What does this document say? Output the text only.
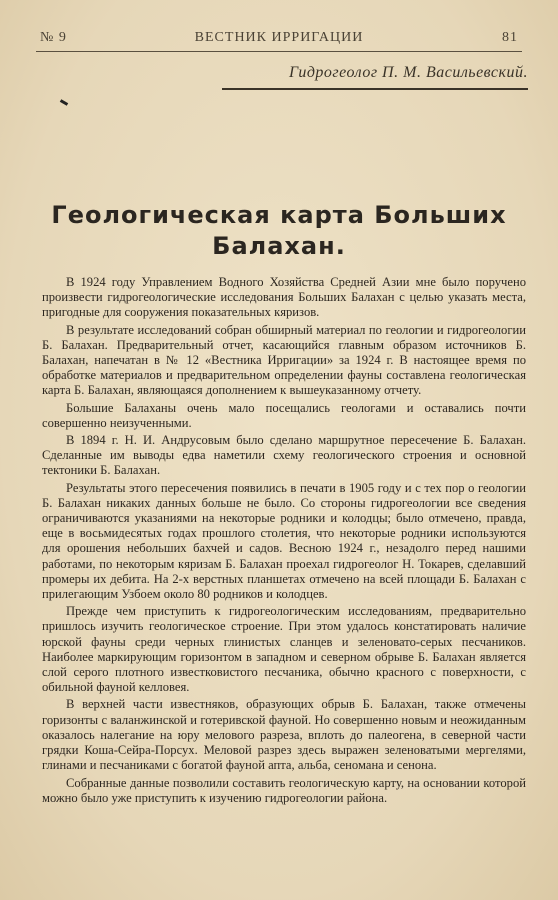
№ 9	ВЕСТНИК ИРРИГАЦИИ	81
Гидрогеолог П. М. Васильевский.
Геологическая карта Больших Балахан.

В 1924 году Управлением Водного Хозяйства Средней Азии мне было поручено произвести гидрогеологические исследования Больших Балахан с целью указать места, пригодные для сооружения показательных кяризов.

В результате исследований собран обширный материал по геологии и гидрогеологии Б. Балахан. Предварительный отчет, касающийся главным образом источников Б. Балахан, напечатан в № 12 «Вестника Ирригации» за 1924 г. В настоящее время по обработке материалов и предварительном определении фауны составлена геологическая карта Б. Балахан, являющаяся дополнением к вышеуказанному отчету.

Большие Балаханы очень мало посещались геологами и оставались почти совершенно неизученными.

В 1894 г. Н. И. Андрусовым было сделано маршрутное пересечение Б. Балахан. Сделанные им выводы едва наметили схему геологического строения и основной тектоники Б. Балахан.

Результаты этого пересечения появились в печати в 1905 году и с тех пор о геологии Б. Балахан никаких данных больше не было. Со стороны гидрогеологии все сведения ограничиваются указаниями на некоторые родники и колодцы; было отмечено, правда, еще в восьмидесятых годах прошлого столетия, что некоторые родники используются для орошения небольших бахчей и садов. Весною 1924 г., незадолго перед нашими работами, по некоторым кяризам Б. Балахан проехал гидрогеолог Н. Токарев, сделавший промеры их дебита. На 2-х верстных планшетах отмечено на всей площади Б. Балахан с прилегающим Узбоем около 80 родников и колодцев.

Прежде чем приступить к гидрогеологическим исследованиям, предварительно пришлось изучить геологическое строение. При этом удалось констатировать наличие юрской фауны среди черных глинистых сланцев и зеленовато-серых песчаников. Наиболее маркирующим горизонтом в западном и северном обрыве Б. Балахан является слой серого плотного известковистого песчаника, обычно красного с поверхности, с обильной фауной келловея.

В верхней части известняков, образующих обрыв Б. Балахан, также отмечены горизонты с валанжинской и готеривской фауной. Но совершенно новым и неожиданным оказалось налегание на юру мелового разреза, вплоть до палеогена, в северной части грядки Коша-Сейра-Порсух. Меловой разрез здесь выражен зеленоватыми мергелями, глинами и песчаниками с богатой фауной апта, альба, сеноманa и сенона.

Собранные данные позволили составить геологическую карту, на основании которой можно было уже приступить к изучению гидрогеологии района.
